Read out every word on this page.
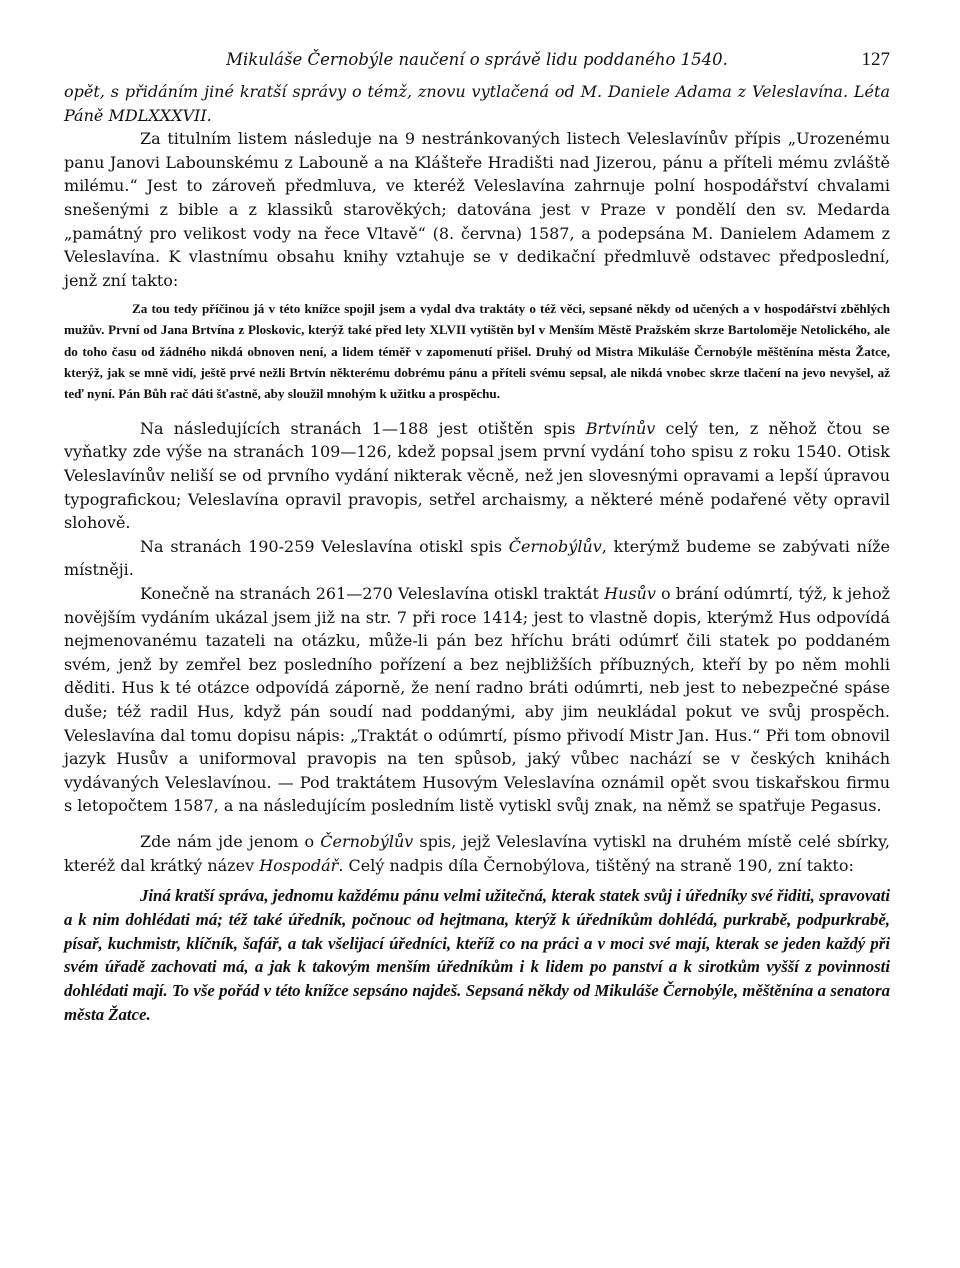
Mikuláše Černobýle naučení o správě lidu poddaného 1540.	127

opět, s přidáním jiné kratší správy o témž, znovu vytlačená od M. Daniele Adama z Veleslavína. Léta Páně MDLXXXVII.

Za titulním listem následuje na 9 nestránkovaných listech Veleslavínův přípis „Urozenému panu Janovi Labounskému z Labouně a na Klášteře Hradišti nad Jizerou, pánu a příteli mému zvláště milému.“ Jest to zároveň předmluva, ve kteréž Veleslavína zahrnuje polní hospodářství chvalami snešenými z bible a z klassiků starověkých; datována jest v Praze v pondělí den sv. Medarda „památný pro velikost vody na řece Vltavě“ (8. června) 1587, a podepsána M. Danielem Adamem z Veleslavína. K vlastnímu obsahu knihy vztahuje se v dedikační předmluvě odstavec předposlední, jenž zní takto:

Za tou tedy příčinou já v této knížce spojil jsem a vydal dva traktáty o též věci, sepsané někdy od učených a v hospodářství zběhlých mužův. První od Jana Brtvína z Ploskovic, kterýž také před lety XLVII vytištěn byl v Menším Městě Pražském skrze Bartoloměje Netolického, ale do toho času od žádného nikdá obnoven není, a lidem téměř v zapomenutí přišel. Druhý od Mistra Mikuláše Černobýle měštěnína města Žatce, kterýž, jak se mně vidí, ještě prvé nežli Brtvín některému dobrému pánu a příteli svému sepsal, ale nikdá vnobec skrze tlačení na jevo nevyšel, až teď nyní. Pán Bůh rač dáti šťastně, aby sloužil mnohým k užitku a prospěchu.

Na následujících stranách 1—188 jest otištěn spis Brtvínův celý ten, z něhož čtou se vyňatky zde výše na stranách 109—126, kdež popsal jsem první vydání toho spisu z roku 1540. Otisk Veleslavínův neliší se od prvního vydání nikterak věcně, než jen slovesnými opravami a lepší úpravou typografickou; Veleslavína opravil pravopis, setřel archaismy, a některé méně podařené věty opravil slohově.

Na stranách 190-259 Veleslavína otiskl spis Černobýlův, kterýmž budeme se zabývati níže místněji.

Konečně na stranách 261—270 Veleslavína otiskl traktát Husův o brání odúmrtí, týž, k jehož novějším vydáním ukázal jsem již na str. 7 při roce 1414; jest to vlastně dopis, kterýmž Hus odpovídá nejmenovanému tazateli na otázku, může-li pán bez hříchu bráti odúmrť čili statek po poddaném svém, jenž by zemřel bez posledního pořízení a bez nejbližších příbuzných, kteří by po něm mohli děditi. Hus k té otázce odpovídá záporně, že není radno bráti odúmrti, neb jest to nebezpečné spáse duše; též radil Hus, když pán soudí nad poddanými, aby jim neukládal pokut ve svůj prospěch. Veleslavína dal tomu dopisu nápis: „Traktát o odúmrtí, písmo přivodí Mistr Jan. Hus.“ Při tom obnovil jazyk Husův a uniformoval pravopis na ten spůsob, jaký vůbec nachází se v českých knihách vydávaných Veleslavínou. — Pod traktátem Husovým Veleslavína oznámil opět svou tiskařskou firmu s letopočtem 1587, a na následujícím posledním listě vytiskl svůj znak, na němž se spatřuje Pegasus.

Zde nám jde jenom o Černobýlův spis, jejž Veleslavína vytiskl na druhém místě celé sbírky, kteréž dal krátký název Hospodář. Celý nadpis díla Černobýlova, tištěný na straně 190, zní takto:

Jiná kratší správa, jednomu každému pánu velmi užitečná, kterak statek svůj i úředníky své řiditi, spravovati a k nim dohlédati má; též také úředník, počnouc od hejtmana, kterýž k úředníkům dohlédá, purkrabě, podpurkrabě, písař, kuchmistr, klíčník, šafář, a tak všelijací úředníci, kteříž co na práci a v moci své mají, kterak se jeden každý při svém úřadě zachovati má, a jak k takovým menším úředníkům i k lidem po panství a k sirotkům vyšší z povinnosti dohlédati mají. To vše pořád v této knížce sepsáno najdeš. Sepsaná někdy od Mikuláše Černobýle, měštěnína a senatora města Žatce.
